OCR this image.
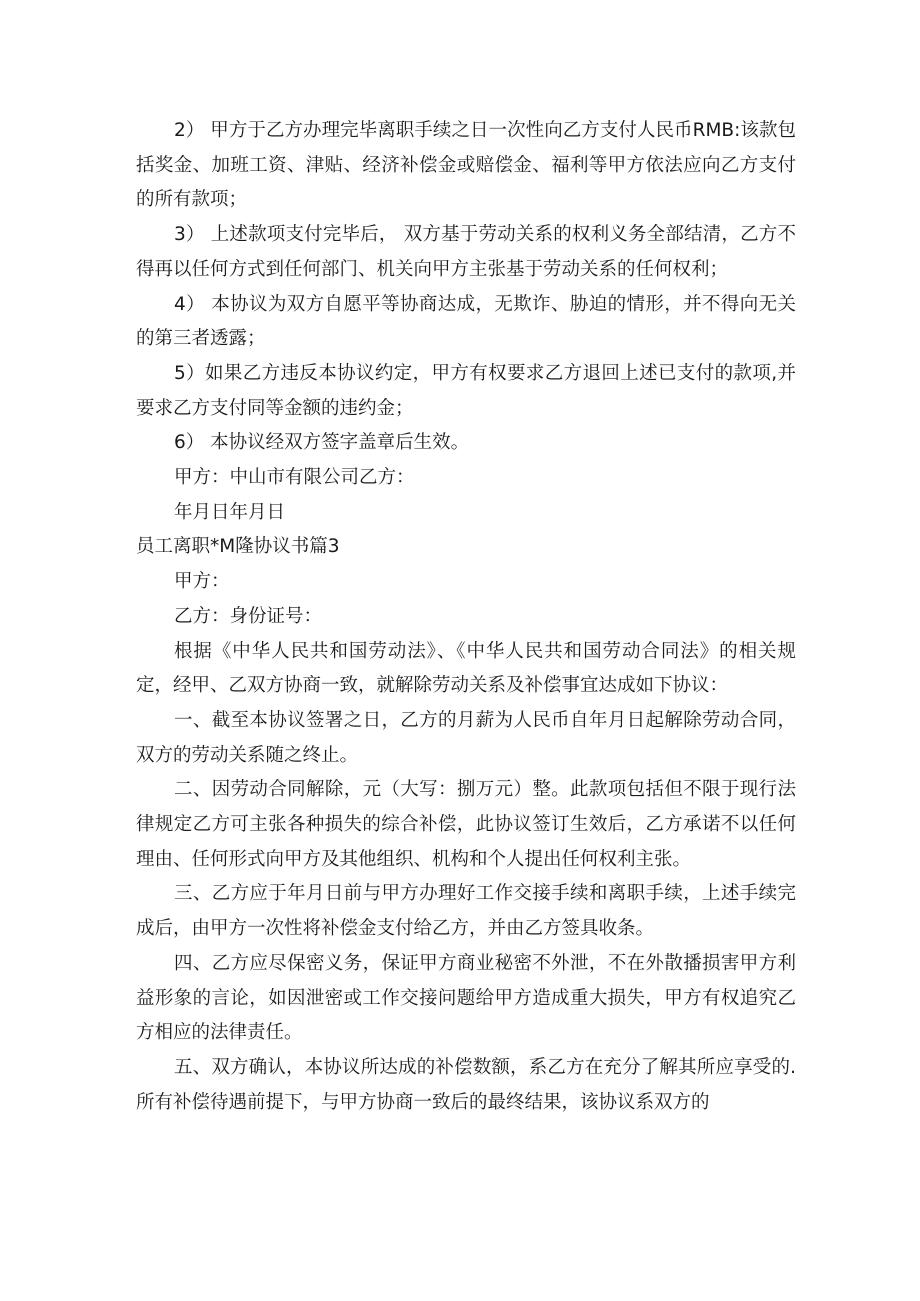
2） 甲方于乙方办理完毕离职手续之日一次性向乙方支付人民币RMB:该款包括奖金、加班工资、津贴、经济补偿金或赔偿金、福利等甲方依法应向乙方支付的所有款项；

3） 上述款项支付完毕后， 双方基于劳动关系的权利义务全部结清，乙方不得再以任何方式到任何部门、机关向甲方主张基于劳动关系的任何权利；

4） 本协议为双方自愿平等协商达成，无欺诈、胁迫的情形，并不得向无关的第三者透露；

5）如果乙方违反本协议约定，甲方有权要求乙方退回上述已支付的款项,并要求乙方支付同等金额的违约金；

6） 本协议经双方签字盖章后生效。

甲方：中山市有限公司乙方：

年月日年月日

员工离职*M隆协议书篇3

甲方：

乙方：身份证号：

根据《中华人民共和国劳动法》、《中华人民共和国劳动合同法》的相关规定，经甲、乙双方协商一致，就解除劳动关系及补偿事宜达成如下协议：

一、截至本协议签署之日，乙方的月薪为人民币自年月日起解除劳动合同，双方的劳动关系随之终止。

二、因劳动合同解除，元（大写：捌万元）整。此款项包括但不限于现行法律规定乙方可主张各种损失的综合补偿，此协议签订生效后，乙方承诺不以任何理由、任何形式向甲方及其他组织、机构和个人提出任何权利主张。

三、乙方应于年月日前与甲方办理好工作交接手续和离职手续，上述手续完成后，由甲方一次性将补偿金支付给乙方，并由乙方签具收条。

四、乙方应尽保密义务，保证甲方商业秘密不外泄，不在外散播损害甲方利益形象的言论，如因泄密或工作交接问题给甲方造成重大损失，甲方有权追究乙方相应的法律责任。

五、双方确认，本协议所达成的补偿数额，系乙方在充分了解其所应享受的.所有补偿待遇前提下，与甲方协商一致后的最终结果，该协议系双方的
